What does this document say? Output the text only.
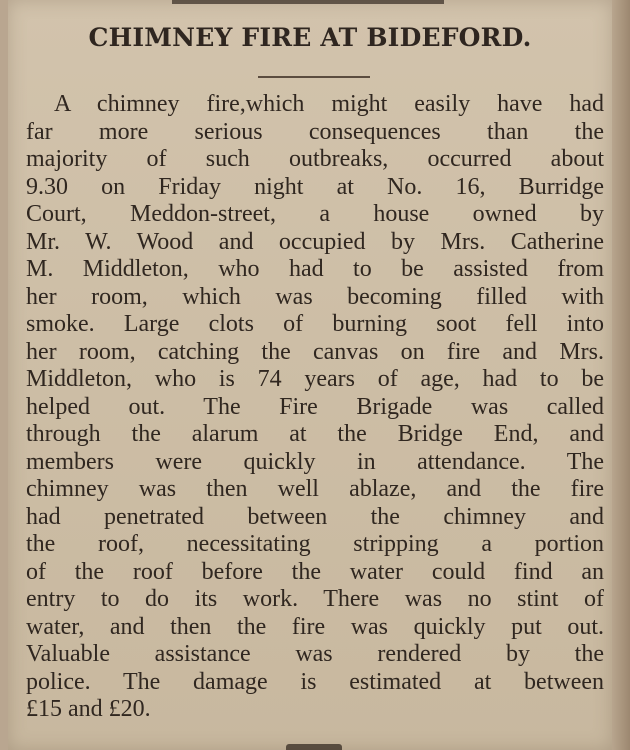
CHIMNEY FIRE AT BIDEFORD.
A chimney fire,which might easily have had
far more serious consequences than the
majority of such outbreaks, occurred about
9.30 on Friday night at No. 16, Burridge
Court, Meddon-street, a house owned by
Mr. W. Wood and occupied by Mrs. Catherine
M. Middleton, who had to be assisted from
her room, which was becoming filled with
smoke. Large clots of burning soot fell into
her room, catching the canvas on fire and Mrs.
Middleton, who is 74 years of age, had to be
helped out. The Fire Brigade was called
through the alarum at the Bridge End, and
members were quickly in attendance. The
chimney was then well ablaze, and the fire
had penetrated between the chimney and
the roof, necessitating stripping a portion
of the roof before the water could find an
entry to do its work. There was no stint of
water, and then the fire was quickly put out.
Valuable assistance was rendered by the
police. The damage is estimated at between
£15 and £20.
